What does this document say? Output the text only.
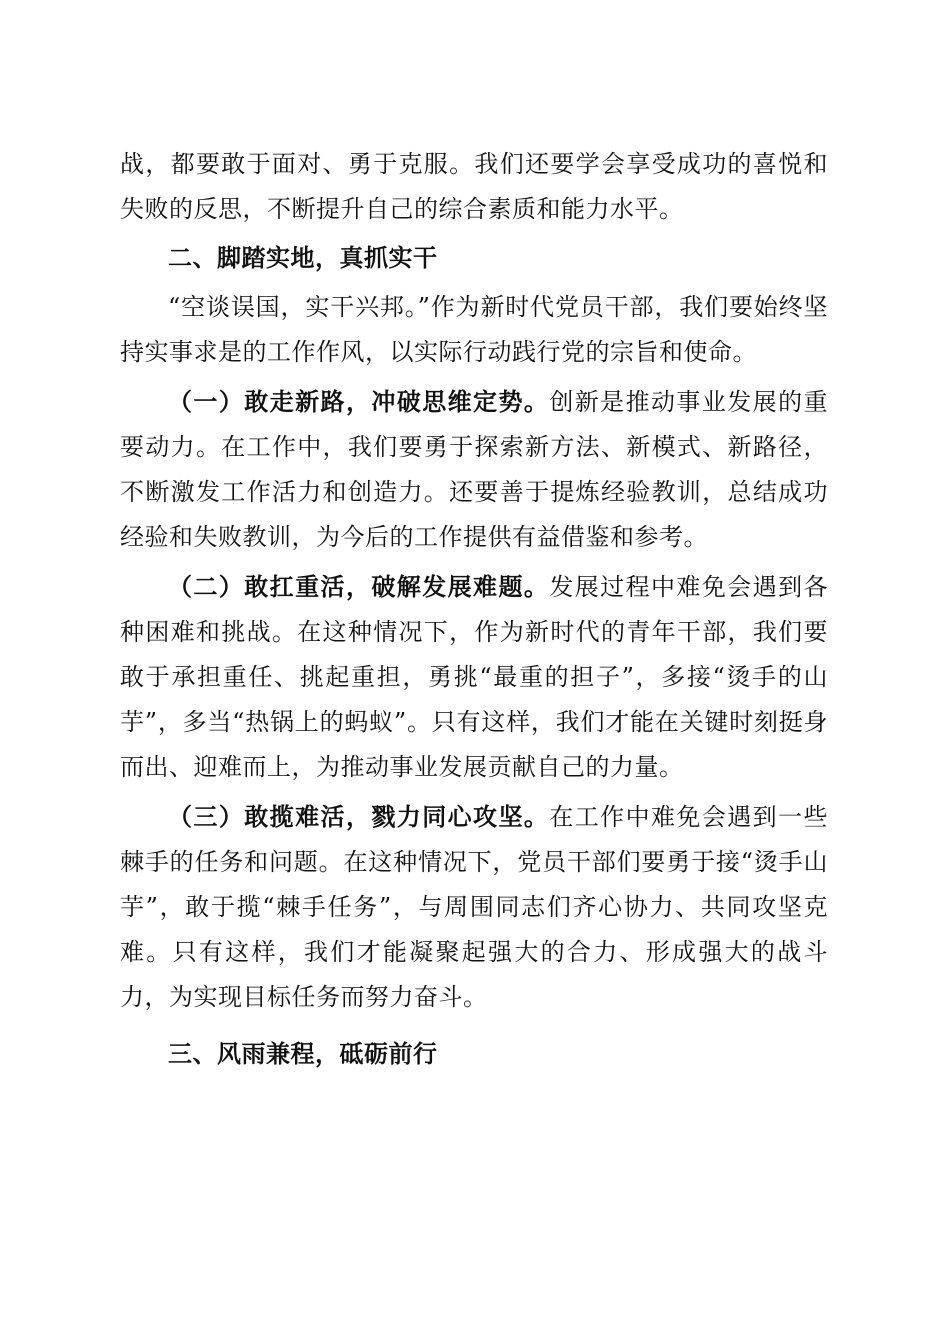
战，都要敢于面对、勇于克服。我们还要学会享受成功的喜悦和失败的反思，不断提升自己的综合素质和能力水平。

二、脚踏实地，真抓实干

“空谈误国，实干兴邦。”作为新时代党员干部，我们要始终坚持实事求是的工作作风，以实际行动践行党的宗旨和使命。

（一）敢走新路，冲破思维定势。创新是推动事业发展的重要动力。在工作中，我们要勇于探索新方法、新模式、新路径，不断激发工作活力和创造力。还要善于提炼经验教训，总结成功经验和失败教训，为今后的工作提供有益借鉴和参考。

（二）敢扛重活，破解发展难题。发展过程中难免会遇到各种困难和挑战。在这种情况下，作为新时代的青年干部，我们要敢于承担重任、挑起重担，勇挑“最重的担子”，多接“烫手的山芋”，多当“热锅上的蚂蚁”。只有这样，我们才能在关键时刻挺身而出、迎难而上，为推动事业发展贡献自己的力量。

（三）敢揽难活，戮力同心攻坚。在工作中难免会遇到一些棘手的任务和问题。在这种情况下，党员干部们要勇于接“烫手山芋”，敢于揽“棘手任务”，与周围同志们齐心协力、共同攻坚克难。只有这样，我们才能凝聚起强大的合力、形成强大的战斗力，为实现目标任务而努力奋斗。

三、风雨兼程，砥砺前行
